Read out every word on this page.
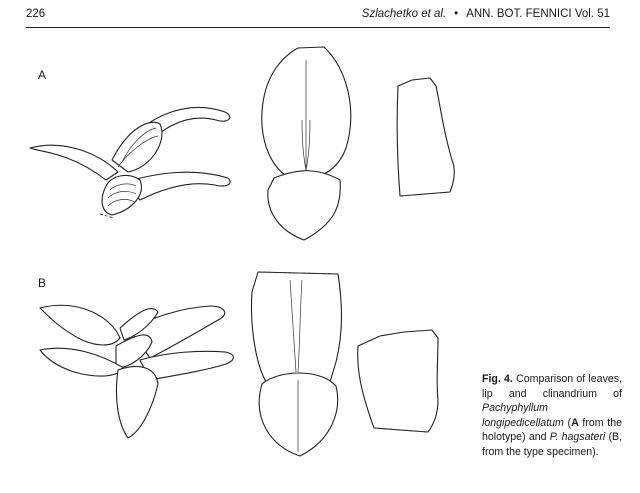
226	Szlachetko et al. • ANN. BOT. FENNICI Vol. 51
A
B
Fig. 4. Comparison of leaves, lip and clinandrium of Pachyphyllum longipedicellatum (A from the holotype) and P. hagsateri (B, from the type specimen).
